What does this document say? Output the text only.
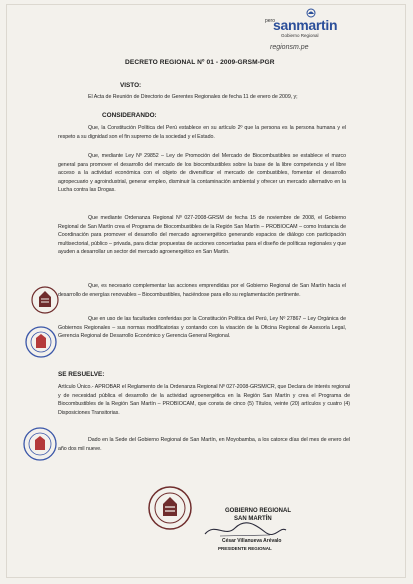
pero
sanmartin
Gobierno Regional
regionsm.pe
DECRETO REGIONAL Nº 01 - 2009-GRSM-PGR
VISTO:
El Acta de Reunión de Directorio de Gerentes Regionales de fecha 11 de enero de 2009, y;
CONSIDERANDO:
Que, la Constitución Política del Perú establece en su artículo 2º que la persona es la persona humana y el respeto a su dignidad son el fin supremo de la sociedad y el Estado.
Que, mediante Ley Nº 29852 – Ley de Promoción del Mercado de Biocombustibles se establece el marco general para promover el desarrollo del mercado de los biocombustibles sobre la base de la libre competencia y el libre acceso a la actividad económica con el objeto de diversificar el mercado de combustibles, fomentar el desarrollo agropecuario y agroindustrial, generar empleo, disminuir la contaminación ambiental y ofrecer un mercado alternativo en la Lucha contra las Drogas.
Que mediante Ordenanza Regional Nº 027-2008-GRSM de fecha 15 de noviembre de 2008, el Gobierno Regional de San Martín crea el Programa de Biocombustibles de la Región San Martín – PROBIOCAM – como Instancia de Coordinación para promover el desarrollo del mercado agroenergético generando espacios de diálogo con participación multisectorial, público – privada, para dictar propuestas de acciones concertadas para el diseño de políticas regionales y que ayuden a desarrollar un sector del mercado agroenergético en San Martín.
Que, es necesario complementar las acciones emprendidas por el Gobierno Regional de San Martín hacia el desarrollo de energías renovables – Biocombustibles, haciéndose para ello su reglamentación pertinente.
Que en uso de las facultades conferidas por la Constitución Política del Perú, Ley Nº 27867 – Ley Orgánica de Gobiernos Regionales – sus normas modificatorias y contando con la visación de la Oficina Regional de Asesoría Legal, Gerencia Regional de Desarrollo Económico y Gerencia General Regional.
SE RESUELVE:
Artículo Único.- APROBAR el Reglamento de la Ordenanza Regional Nº 027-2008-GRSM/CR, que Declara de interés regional y de necesidad pública el desarrollo de la actividad agroenergética en la Región San Martín y crea el Programa de Biocombustibles de la Región San Martín – PROBIOCAM, que consta de cinco (5) Títulos, veinte (20) artículos y cuatro (4) Disposiciones Transitorias.
Dado en la Sede del Gobierno Regional de San Martín, en Moyobamba, a los catorce días del mes de enero del año dos mil nueve.
GOBIERNO REGIONAL
SAN MARTÍN
César Villanueva Arévalo
PRESIDENTE REGIONAL
